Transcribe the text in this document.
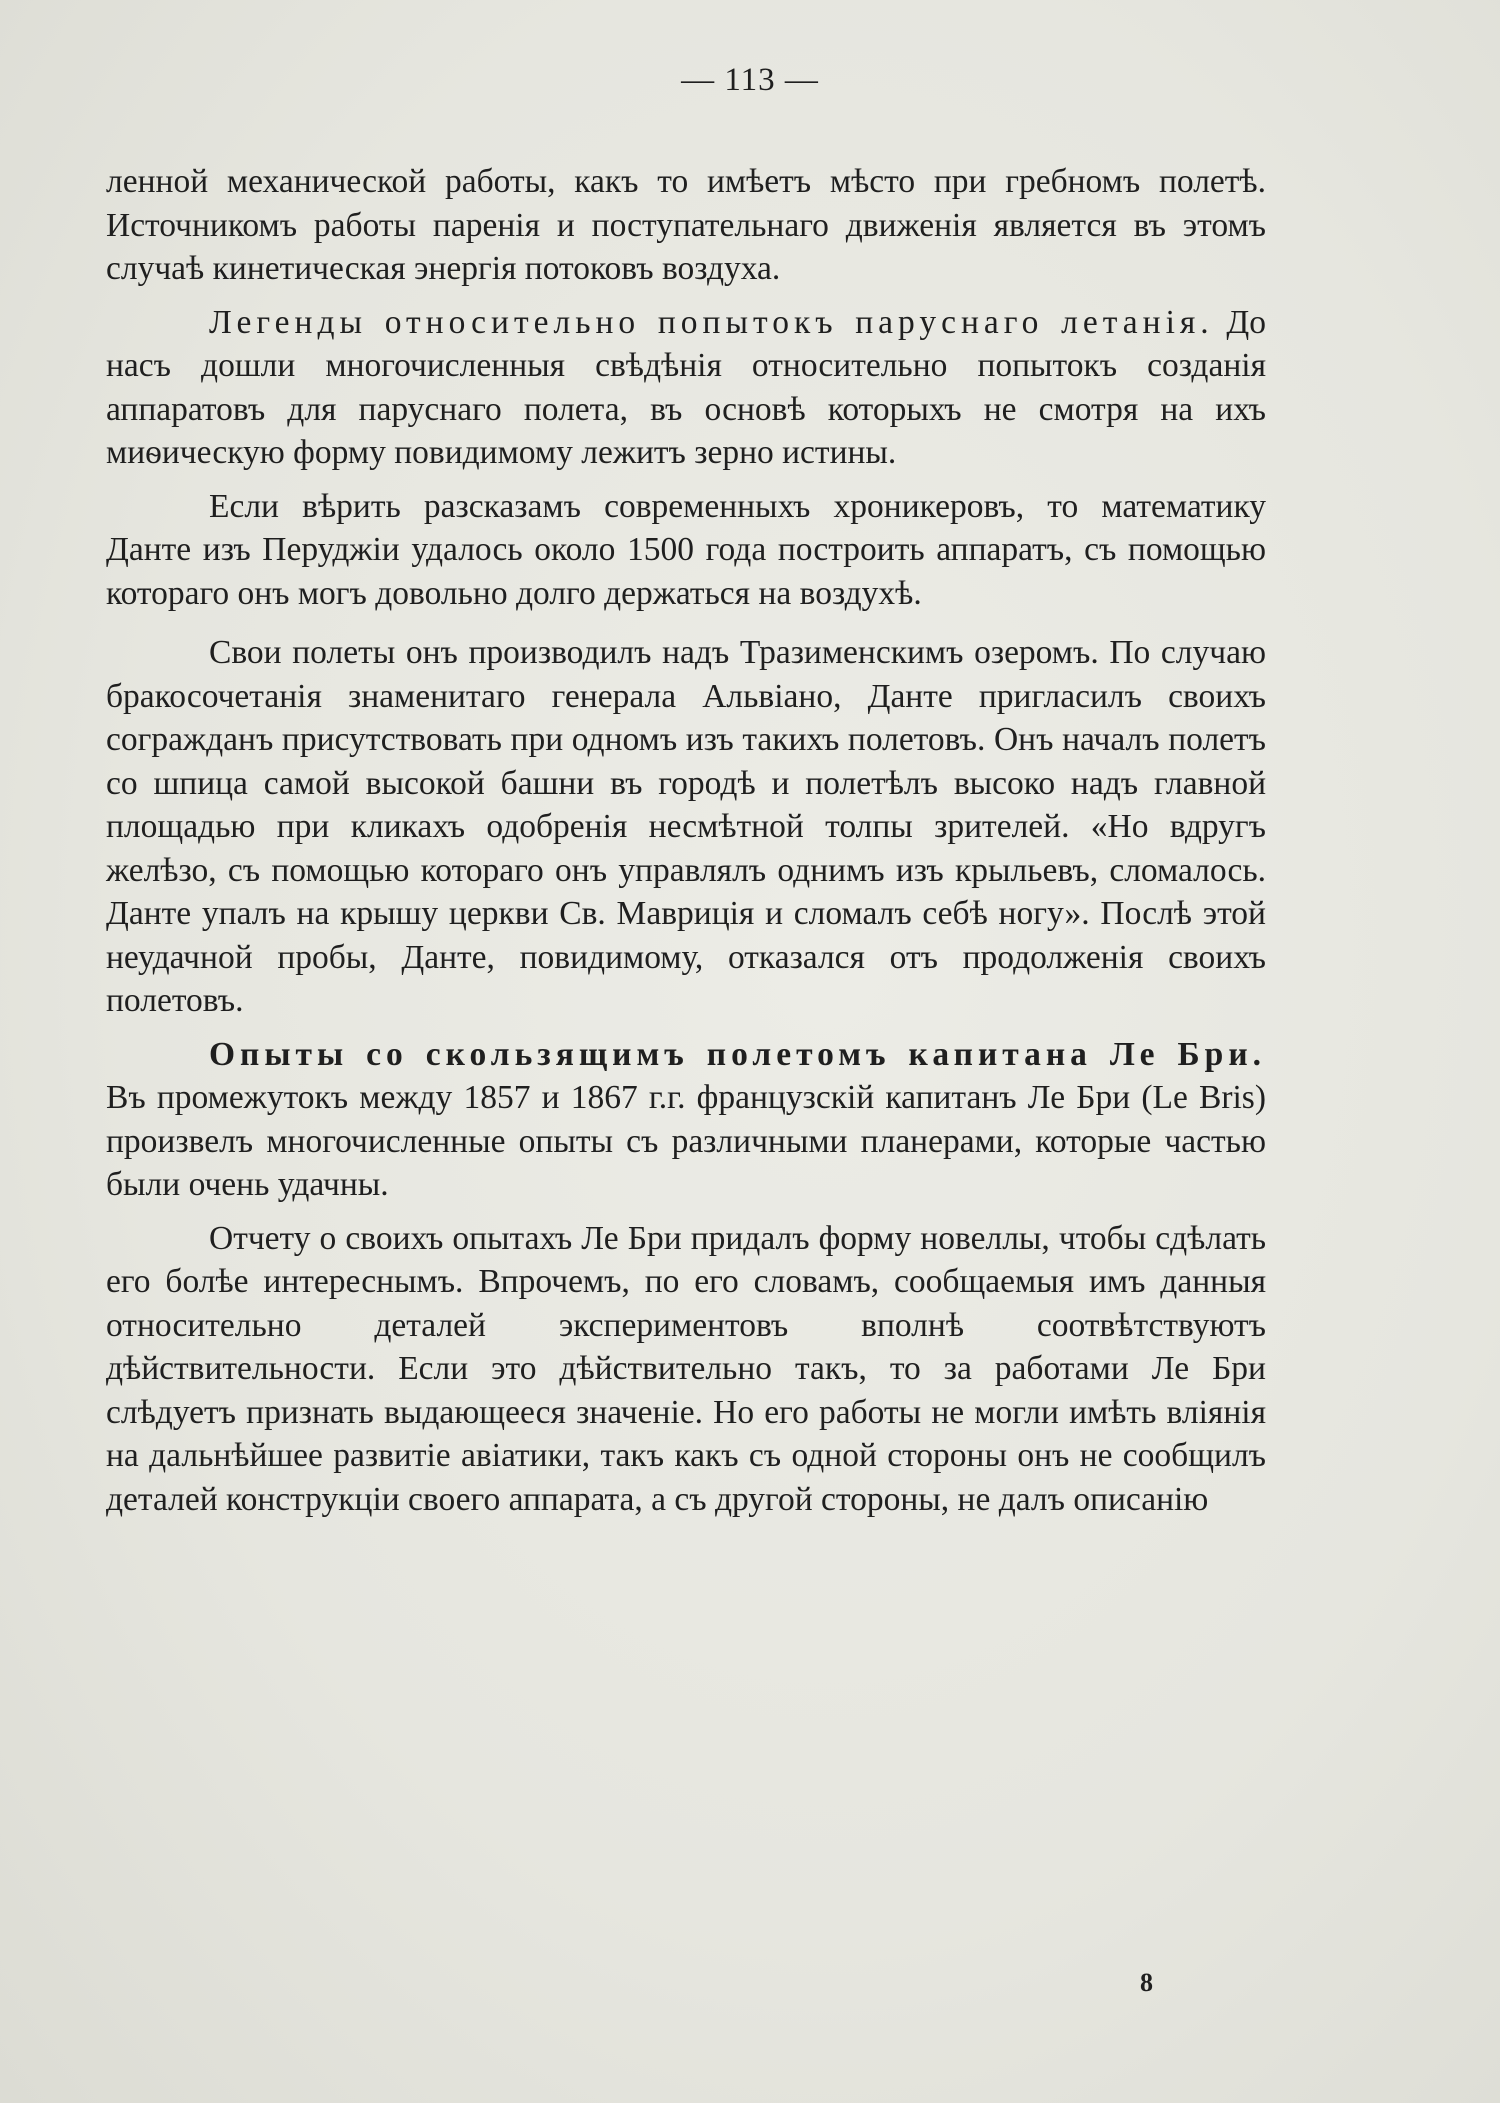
— 113 —

ленной механической работы, какъ то имѣетъ мѣсто при гребномъ полетѣ. Источникомъ работы паренія и поступательнаго движенія является въ этомъ случаѣ кинетическая энергія потоковъ воздуха.

Легенды относительно попытокъ паруснаго летанія. До насъ дошли многочисленныя свѣдѣнія относительно попытокъ созданія аппаратовъ для паруснаго полета, въ основѣ которыхъ не смотря на ихъ миѳическую форму повидимому лежитъ зерно истины.

Если вѣрить разсказамъ современныхъ хроникеровъ, то математику Данте изъ Перуджіи удалось около 1500 года построить аппаратъ, съ помощью котораго онъ могъ довольно долго держаться на воздухѣ.

Свои полеты онъ производилъ надъ Тразименскимъ озеромъ. По случаю бракосочетанія знаменитаго генерала Альвіано, Данте пригласилъ своихъ согражданъ присутствовать при одномъ изъ такихъ полетовъ. Онъ началъ полетъ со шпица самой высокой башни въ городѣ и полетѣлъ высоко надъ главной площадью при кликахъ одобренія несмѣтной толпы зрителей. «Но вдругъ желѣзо, съ помощью котораго онъ управлялъ однимъ изъ крыльевъ, сломалось. Данте упалъ на крышу церкви Св. Мавриція и сломалъ себѣ ногу». Послѣ этой неудачной пробы, Данте, повидимому, отказался отъ продолженія своихъ полетовъ.

Опыты со скользящимъ полетомъ капитана Ле Бри. Въ промежутокъ между 1857 и 1867 г.г. французскій капитанъ Ле Бри (Le Bris) произвелъ многочисленные опыты съ различными планерами, которые частью были очень удачны.

Отчету о своихъ опытахъ Ле Бри придалъ форму новеллы, чтобы сдѣлать его болѣе интереснымъ. Впрочемъ, по его словамъ, сообщаемыя имъ данныя относительно деталей экспериментовъ вполнѣ соотвѣтствуютъ дѣйствительности. Если это дѣйствительно такъ, то за работами Ле Бри слѣдуетъ признать выдающееся значеніе. Но его работы не могли имѣть вліянія на дальнѣйшее развитіе авіатики, такъ какъ съ одной стороны онъ не сообщилъ деталей конструкціи своего аппарата, а съ другой стороны, не далъ описанію

8
